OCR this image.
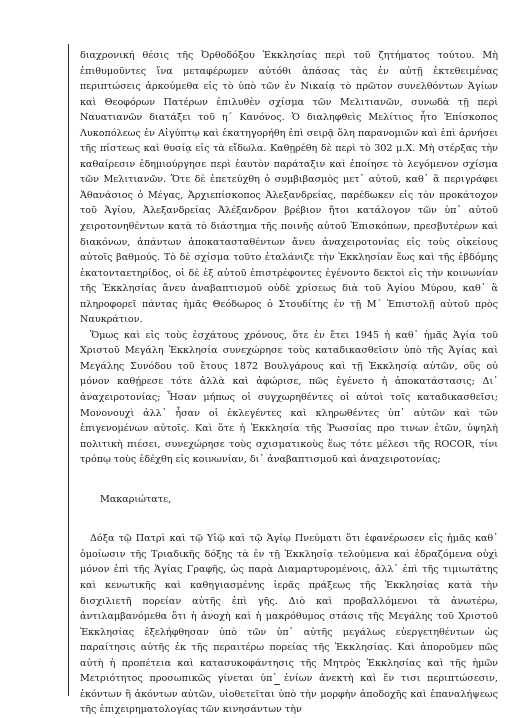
διαχρονική θέσις τῆς Ὀρθοδόξου Ἐκκλησίας περὶ τοῦ ζητήματος τούτου. Μὴ ἐπιθυμοῦντες ἵνα μεταφέρωμεν αὐτόθι ἁπάσας τὰς ἐν αὐτῇ ἐκτεθειμένας περιπτώσεις ἀρκούμεθα εἰς τὸ ὑπὸ τῶν ἐν Νικαίᾳ τὸ πρῶτον συνελθόντων Ἁγίων καὶ Θεοφόρων Πατέρων ἐπιλυθὲν σχίσμα τῶν Μελιτιανῶν, συνωδὰ τῇ περὶ Ναυατιανῶν διατάξει τοῦ η΄ Κανόνος. Ὁ διαληφθεὶς Μελίτιος ἦτο Ἐπίσκοπος Λυκοπόλεως ἐν Αἰγύπτῳ καὶ ἐκατηγορήθη ἐπὶ σειρᾷ ὅλη παρανομιῶν καὶ ἐπὶ ἀρνήσει τῆς πίστεως καὶ θυσίᾳ εἰς τὰ εἴδωλα. Καθῃρέθη δὲ περὶ τὸ 302 μ.Χ. Μὴ στέρξας τὴν καθαίρεσιν ἐδημιούργησε περὶ ἑαυτὸν παράταξιν καὶ ἐποίησε τὸ λεγόμενον σχίσμα τῶν Μελιτιανῶν. Ὅτε δὲ ἐπετεύχθη ὁ συμβιβασμὸς μετ᾽ αὐτοῦ, καθ᾽ ἃ περιγράφει Ἀθανάσιος ὁ Μέγας, Ἀρχιεπίσκοπος Ἀλεξανδρείας, παρέδωκεν εἰς τὸν προκάτοχον τοῦ Ἁγίου, Ἀλεξανδρείας Ἀλέξανδρον βρέβιον ἤτοι κατάλογον τῶν ὑπ᾽ αὐτοῦ χειροτονηθέντων κατὰ τὸ διάστημα τῆς ποινῆς αὐτοῦ Ἐπισκόπων, πρεσβυτέρων καὶ διακόνων, ἁπάντων ἀποκατασταθέντων ἄνευ ἀναχειροτονίας εἰς τοὺς οἰκείους αὐτοῖς βαθμούς. Τὸ δὲ σχίσμα τοῦτο ἐταλάνιζε τὴν Ἐκκλησίαν ἕως καὶ τῆς ἑβδόμης ἑκατονταετηρίδος, οἱ δὲ ἐξ αὐτοῦ ἐπιστρέφοντες ἐγένοντο δεκτοὶ εἰς τὴν κοινωνίαν τῆς Ἐκκλησίας ἄνευ ἀναβαπτισμοῦ οὐδὲ χρίσεως διὰ τοῦ Ἁγίου Μύρου, καθ᾽ ἃ πληροφορεῖ πάντας ἡμᾶς Θεόδωρος ὁ Στουδίτης ἐν τῇ Μ΄ Ἐπιστολῇ αὐτοῦ πρὸς Ναυκράτιον.

Ὅμως καὶ εἰς τοὺς ἐσχάτους χρόνους, ὅτε ἐν ἔτει 1945 ἡ καθ᾽ ἡμᾶς Ἁγία τοῦ Χριστοῦ Μεγάλη Ἐκκλησία συνεχώρησε τοὺς καταδικασθεῖσιν ὑπὸ τῆς Ἁγίας καὶ Μεγάλης Συνόδου τοῦ ἔτους 1872 Βουλγάρους καὶ τῇ Ἐκκλησίᾳ αὐτῶν, οὓς οὐ μόνον καθῄρεσε τότε ἀλλὰ καὶ ἀφώρισε, πῶς ἐγένετο ἡ ἀποκατάστασις; Δι᾽ ἀναχειροτονίας; Ἦσαν μήπως οἱ συγχωρηθέντες οἱ αὐτοὶ τοῖς καταδικασθεῖσι; Μονονουχὶ ἀλλ᾽ ἦσαν οἱ ἐκλεγέντες καὶ κληρωθέντες ὑπ᾽ αὐτῶν καὶ τῶν ἐπιγενομένων αὐτοῖς. Καὶ ὅτε ἡ Ἐκκλησία τῆς Ῥωσσίας προ τινων ἐτῶν, ὑψηλὴ πολιτικὴ πιέσει, συνεχώρησε τοὺς σχισματικοὺς ἕως τότε μέλεσι τῆς ROCOR, τίνι τρόπῳ τοὺς ἐδέχθη εἰς κοινωνίαν, δι᾽ ἀναβαπτισμοῦ καὶ ἀναχειροτονίας;

Μακαριώτατε,

Δόξα τῷ Πατρὶ καὶ τῷ Υἱῷ καὶ τῷ Ἁγίῳ Πνεύματι ὅτι ἐφανέρωσεν εἰς ἡμᾶς καθ᾽ ὁμοίωσιν τῆς Τριαδικῆς δόξης τὰ ἐν τῇ Ἐκκλησίᾳ τελούμενα καὶ ἑδραζόμενα οὐχὶ μόνον ἐπὶ τῆς Ἁγίας Γραφῆς, ὡς παρὰ Διαμαρτυρομένοις, ἀλλ᾽ ἐπὶ τῆς τιμιωτάτης καὶ κενωτικῆς καὶ καθηγιασμένης ἱερᾶς πράξεως τῆς Ἐκκλησίας κατὰ τὴν δισχιλιετῆ πορείαν αὐτῆς ἐπὶ γῆς. Διὸ καὶ προβαλλόμενοι τὰ ἀνωτέρω, ἀντιλαμβανόμεθα ὅτι ἡ ἀνοχὴ καὶ ἡ μακρόθυμος στάσις τῆς Μεγάλης τοῦ Χριστοῦ Ἐκκλησίας ἐξελήφθησαν ὑπὸ τῶν ὑπ᾽ αὐτῆς μεγάλως εὐεργετηθέντων ὡς παραίτησις αὐτῆς ἐκ τῆς περαιτέρω πορείας τῆς Ἐκκλησίας. Καὶ ἀποροῦμεν πῶς αὐτὴ ἡ προπέτεια καὶ κατασυκοφάντησις τῆς Μητρὸς Ἐκκλησίας καὶ τῆς ἡμῶν Μετριότητος προσωπικῶς γίνεται ὑπ᾽ ἐνίων ἀνεκτὴ καὶ ἔν τισι περιπτώσεσιν, ἑκόντων ἢ ἀκόντων αὐτῶν, υἱοθετεῖται ὑπὸ τὴν μορφὴν ἀποδοχῆς καὶ ἐπαναλήψεως τῆς ἐπιχειρηματολογίας τῶν κινησάντων τὴν
